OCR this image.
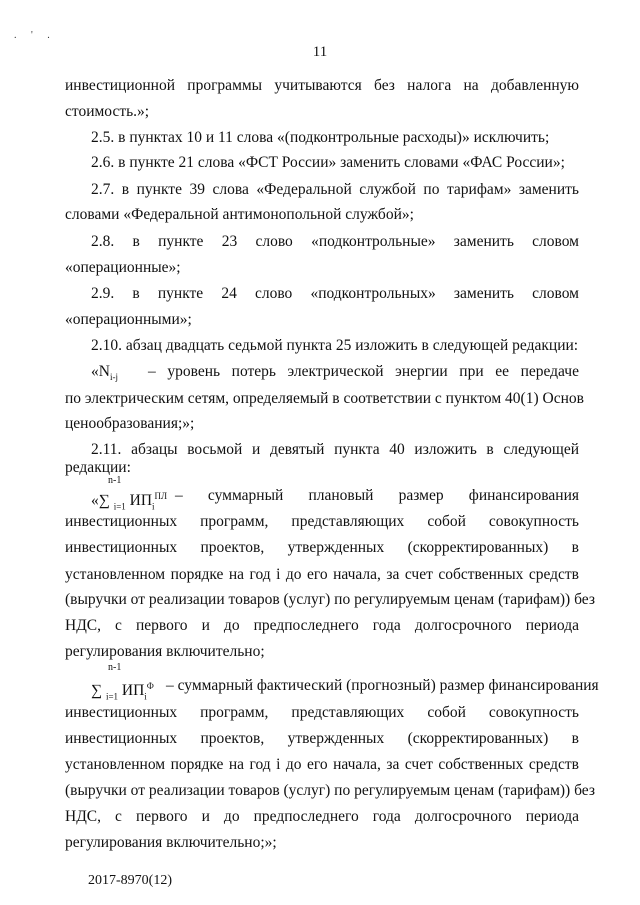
. ' .
11
инвестиционной программы учитываются без налога на добавленную
стоимость.»;
2.5. в пунктах 10 и 11 слова «(подконтрольные расходы)» исключить;
2.6. в пункте 21 слова «ФСТ России» заменить словами «ФАС России»;
2.7. в пункте 39 слова «Федеральной службой по тарифам» заменить
словами «Федеральной антимонопольной службой»;
2.8. в пункте 23 слово «подконтрольные» заменить словом
«операционные»;
2.9. в пункте 24 слово «подконтрольных» заменить словом
«операционными»;
2.10. абзац двадцать седьмой пункта 25 изложить в следующей редакции:
«$N_{i-j}$	– уровень потерь электрической энергии при ее передаче
по электрическим сетям, определяемый в соответствии с пунктом 40(1) Основ
ценообразования;»;
2.11. абзацы восьмой и девятый пункта 40 изложить в следующей
редакции:
n-1
«∑ $_{i=1}$ $ИП_i^{ПЛ}$ – суммарный плановый размер финансирования
инвестиционных программ, представляющих собой совокупность
инвестиционных проектов, утвержденных (скорректированных) в
установленном порядке на год i до его начала, за счет собственных средств
(выручки от реализации товаров (услуг) по регулируемым ценам (тарифам)) без
НДС, с первого и до предпоследнего года долгосрочного периода
регулирования включительно;
n-1
∑ $_{i=1}$ $ИП_i^Ф$ – суммарный фактический (прогнозный) размер финансирования
инвестиционных программ, представляющих собой совокупность
инвестиционных проектов, утвержденных (скорректированных) в
установленном порядке на год i до его начала, за счет собственных средств
(выручки от реализации товаров (услуг) по регулируемым ценам (тарифам)) без
НДС, с первого и до предпоследнего года долгосрочного периода
регулирования включительно;»;
2017-8970(12)
